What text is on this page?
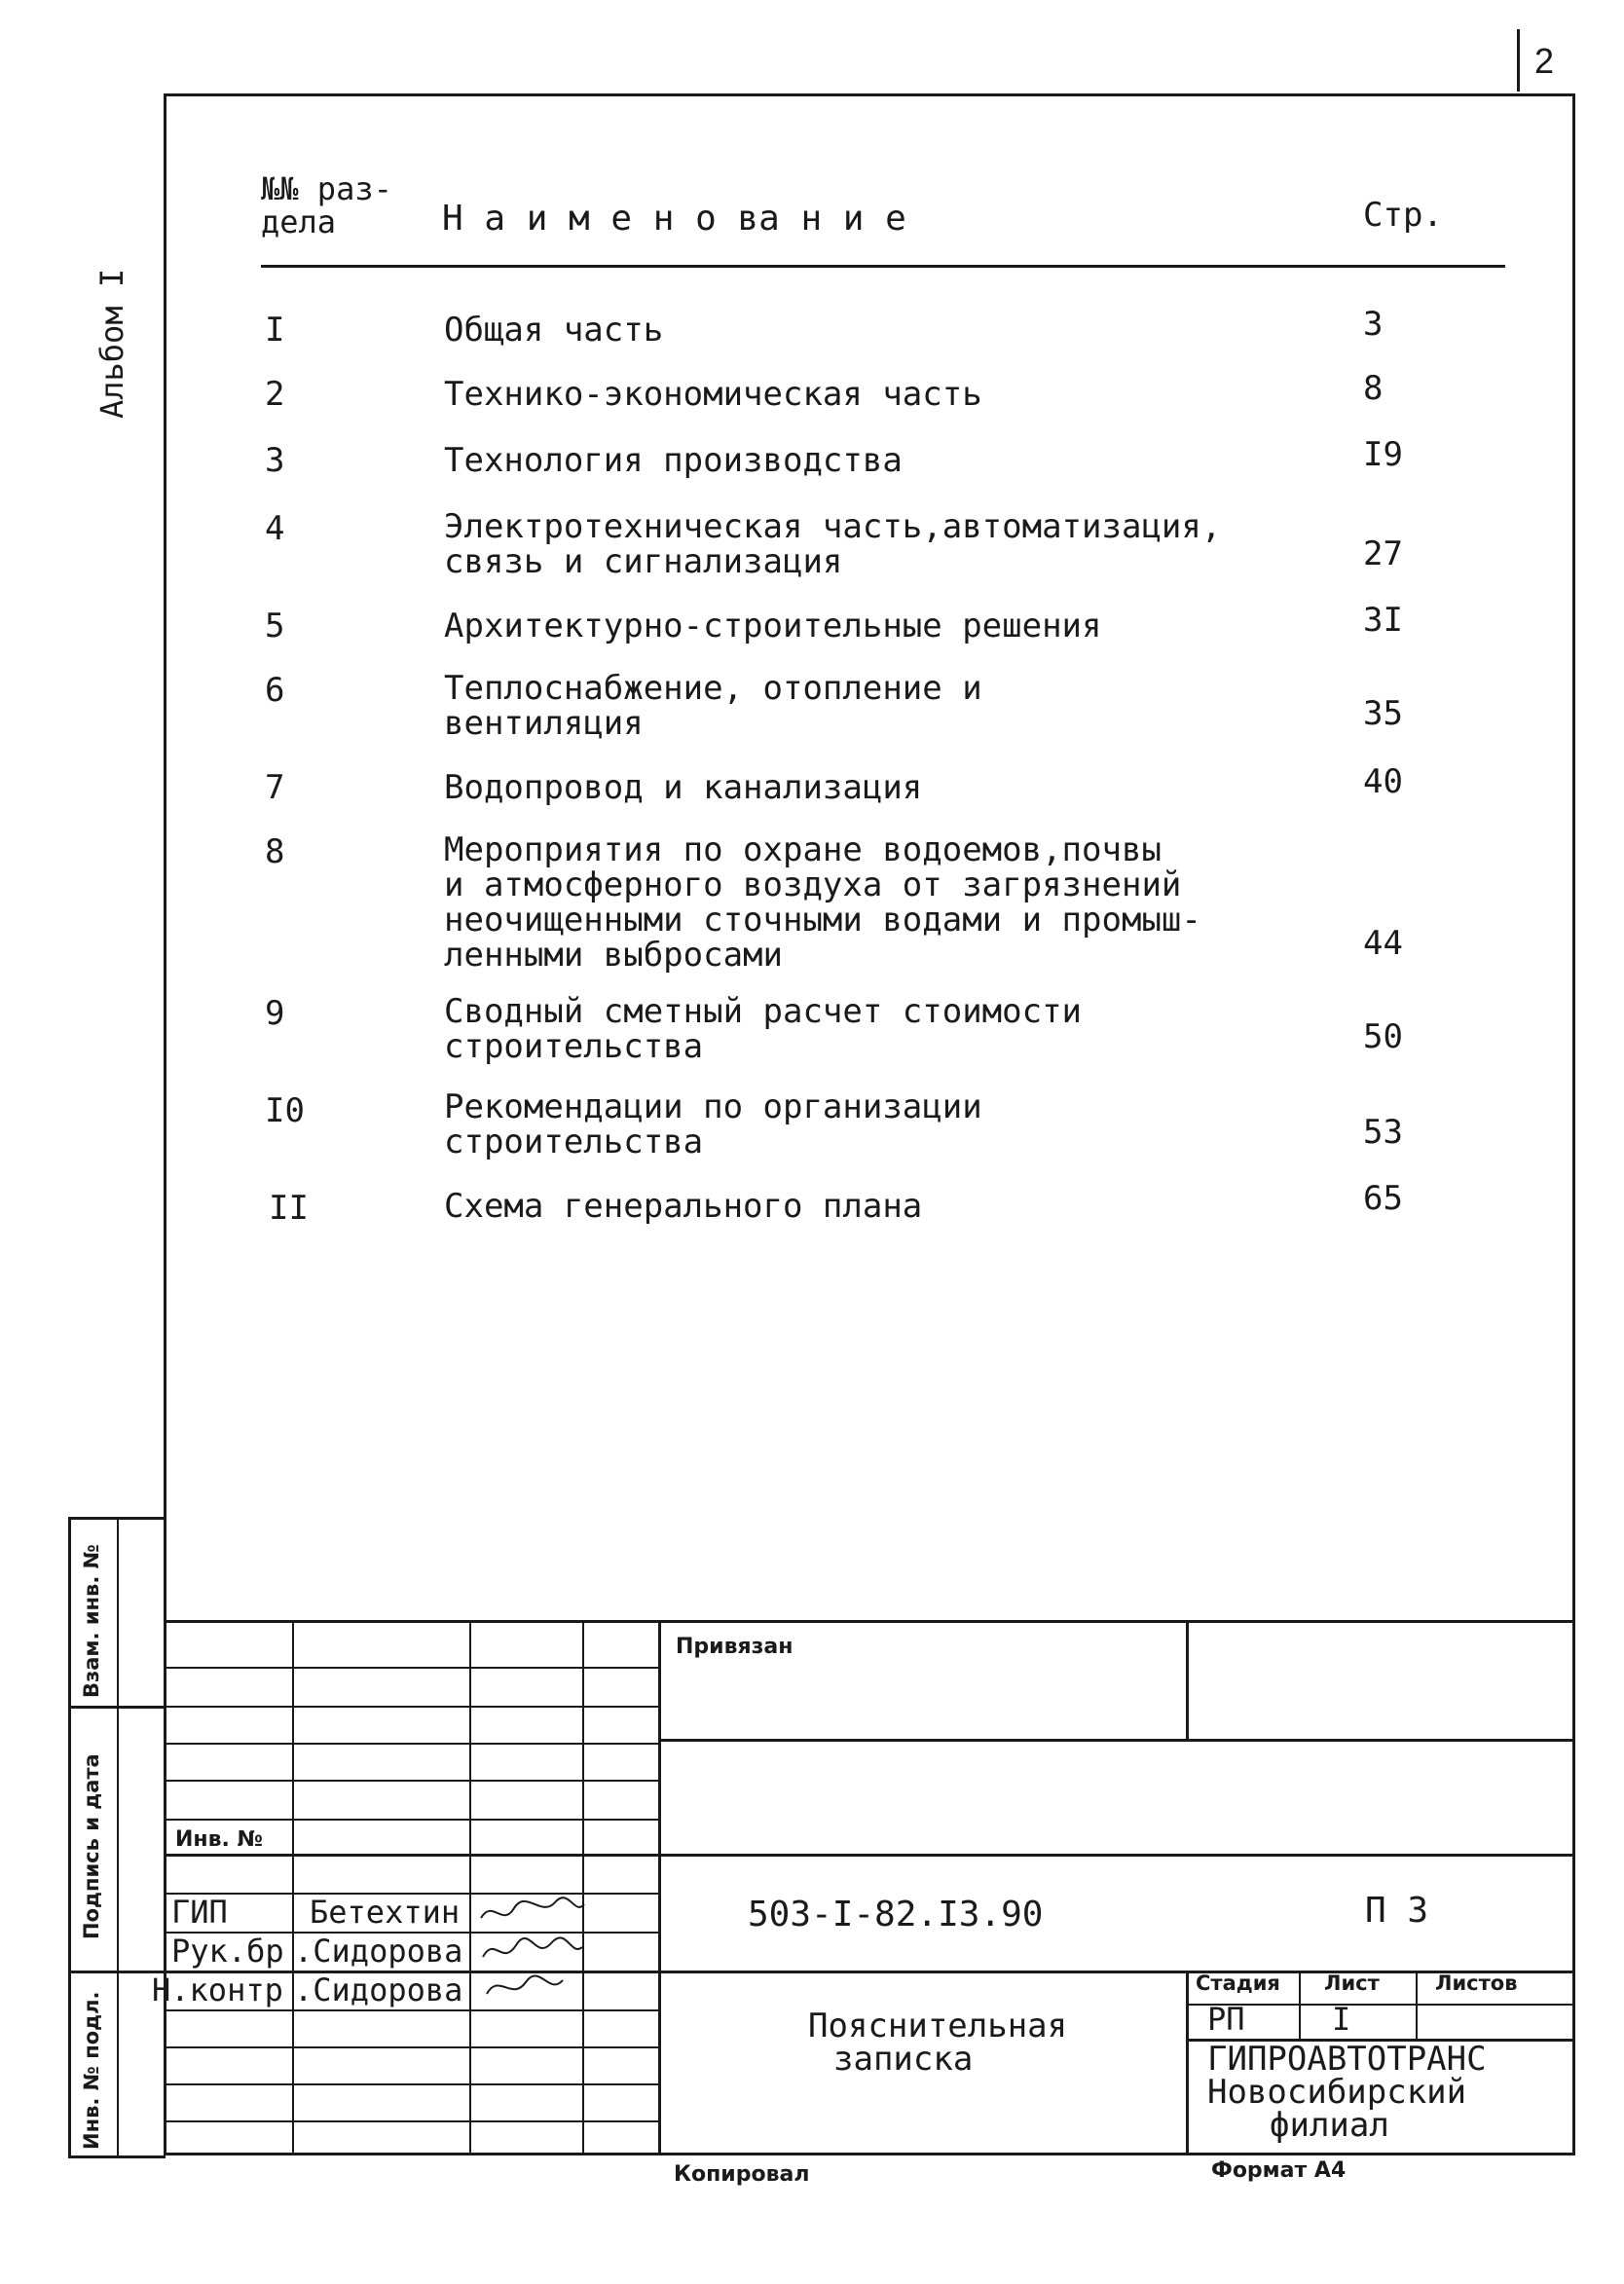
2
Альбом I
№№ раз-
дела	Н а и м е н о ва н и е	Стр.
I	Общая часть	3
2	Технико-экономическая часть	8
3	Технология производства	I9
4	Электротехническая часть,автоматизация,
связь и сигнализация	27
5	Архитектурно-строительные решения	3I
6	Теплоснабжение, отопление и
вентиляция	35
7	Водопровод и канализация	40
8	Мероприятия по охране водоемов,почвы
и атмосферного воздуха от загрязнений
неочищенными сточными водами и промыш-
ленными выбросами	44
9	Сводный сметный расчет стоимости
строительства	50
I0	Рекомендации по организации
строительства	53
II	Схема генерального плана	65
Взам. инв. №
Подпись и дата
Инв. № подл.
Привязан
Инв. №
ГИП	Бетехтин
Рук.бр .Сидорова
Н.контр .Сидорова
503-I-82.I3.90	П 3
Пояснительная
записка
Стадия Лист	Листов
РП	I
ГИПРОАВТОТРАНС
Новосибирский
филиал
Копировал	Формат А4
